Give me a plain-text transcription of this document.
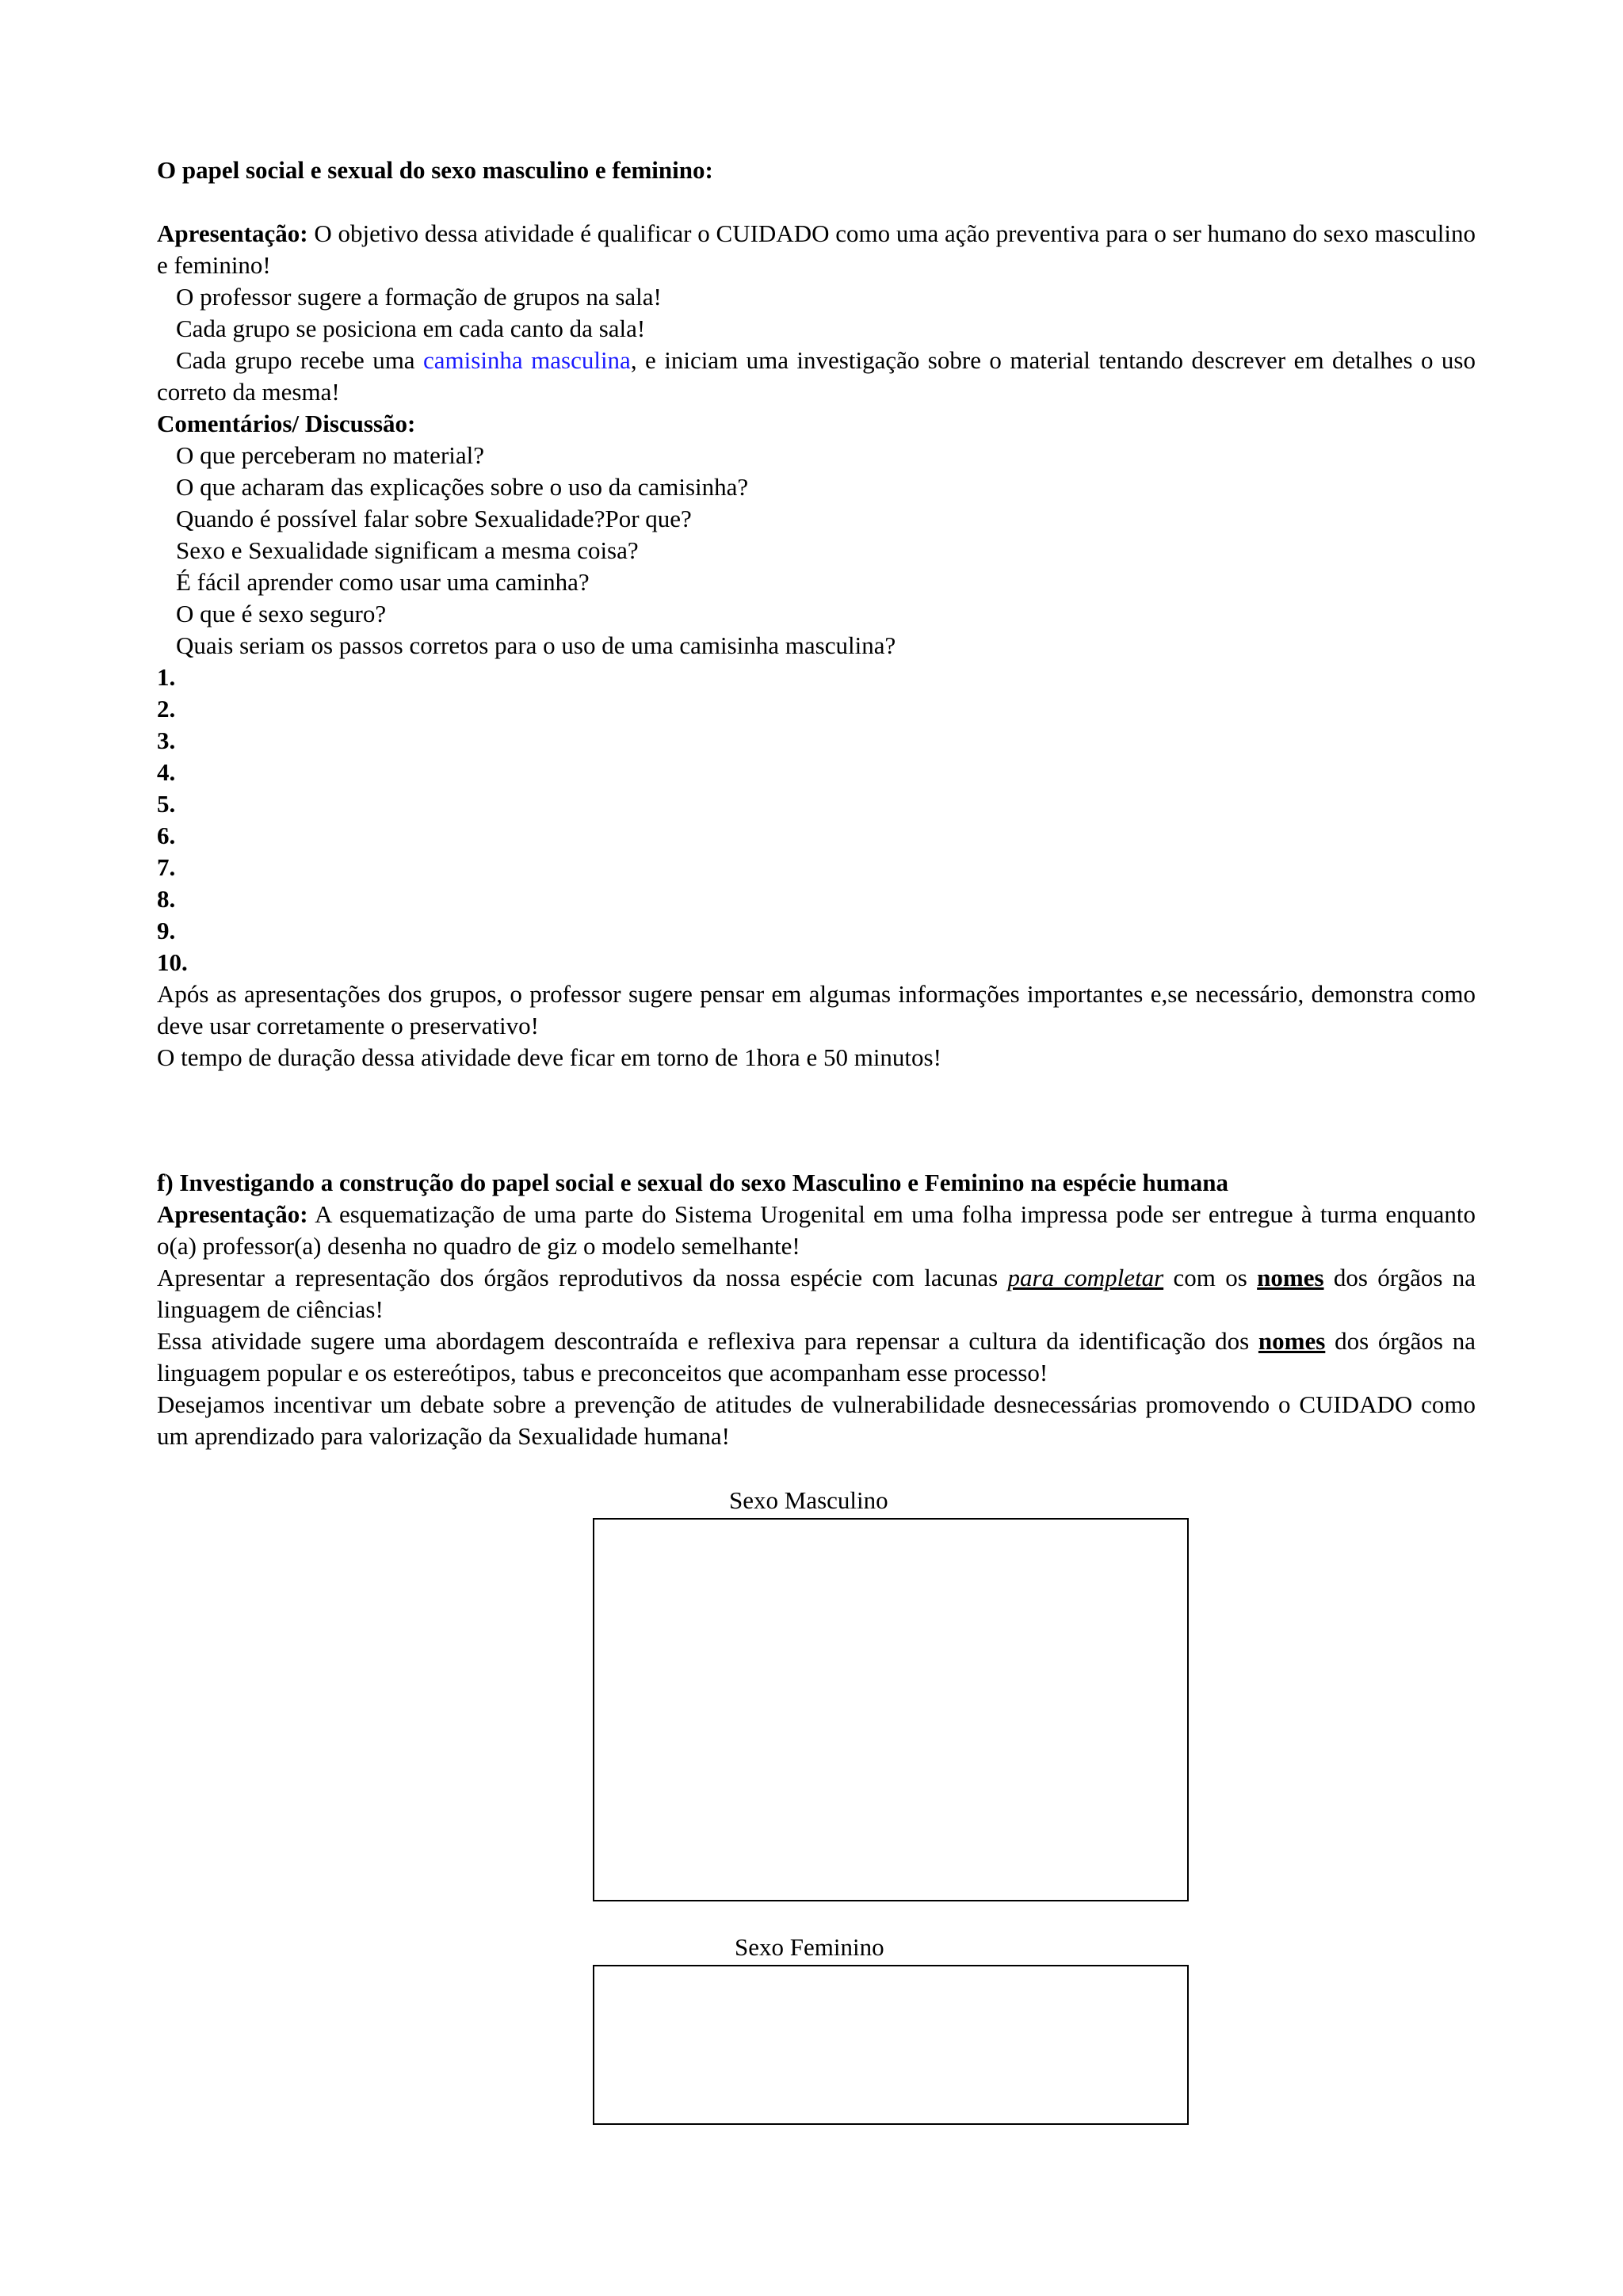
O papel social e sexual do sexo masculino e feminino:

Apresentação: O objetivo dessa atividade é qualificar o CUIDADO como uma ação preventiva para o ser humano do sexo masculino e feminino!

O professor sugere a formação de grupos na sala!

Cada grupo se posiciona em cada canto da sala!

Cada grupo recebe uma camisinha masculina, e iniciam uma investigação sobre o material tentando descrever em detalhes o uso correto da mesma!

Comentários/ Discussão:

O que perceberam no material?

O que acharam das explicações sobre o uso da camisinha?

Quando é possível falar sobre Sexualidade?Por que?

Sexo e Sexualidade significam a mesma coisa?

É fácil aprender como usar uma caminha?

O que é sexo seguro?

Quais seriam os passos corretos para o uso de uma camisinha masculina?

1.
2.
3.
4.
5.
6.
7.
8.
9.
10.

Após as apresentações dos grupos, o professor sugere pensar em algumas informações importantes e,se necessário, demonstra como deve usar corretamente o preservativo!

O tempo de duração dessa atividade deve ficar em torno de 1hora e 50 minutos!

f) Investigando a construção do papel social e sexual do sexo Masculino e Feminino na espécie humana

Apresentação: A esquematização de uma parte do Sistema Urogenital em uma folha impressa pode ser entregue à turma enquanto o(a) professor(a) desenha no quadro de giz o modelo semelhante!

Apresentar a representação dos órgãos reprodutivos da nossa espécie com lacunas para completar com os nomes dos órgãos na linguagem de ciências!

Essa atividade sugere uma abordagem descontraída e reflexiva para repensar a cultura da identificação dos nomes dos órgãos na linguagem popular e os estereótipos, tabus e preconceitos que acompanham esse processo!

Desejamos incentivar um debate sobre a prevenção de atitudes de vulnerabilidade desnecessárias promovendo o CUIDADO como um aprendizado para valorização da Sexualidade humana!

Sexo Masculino
Sexo Feminino
